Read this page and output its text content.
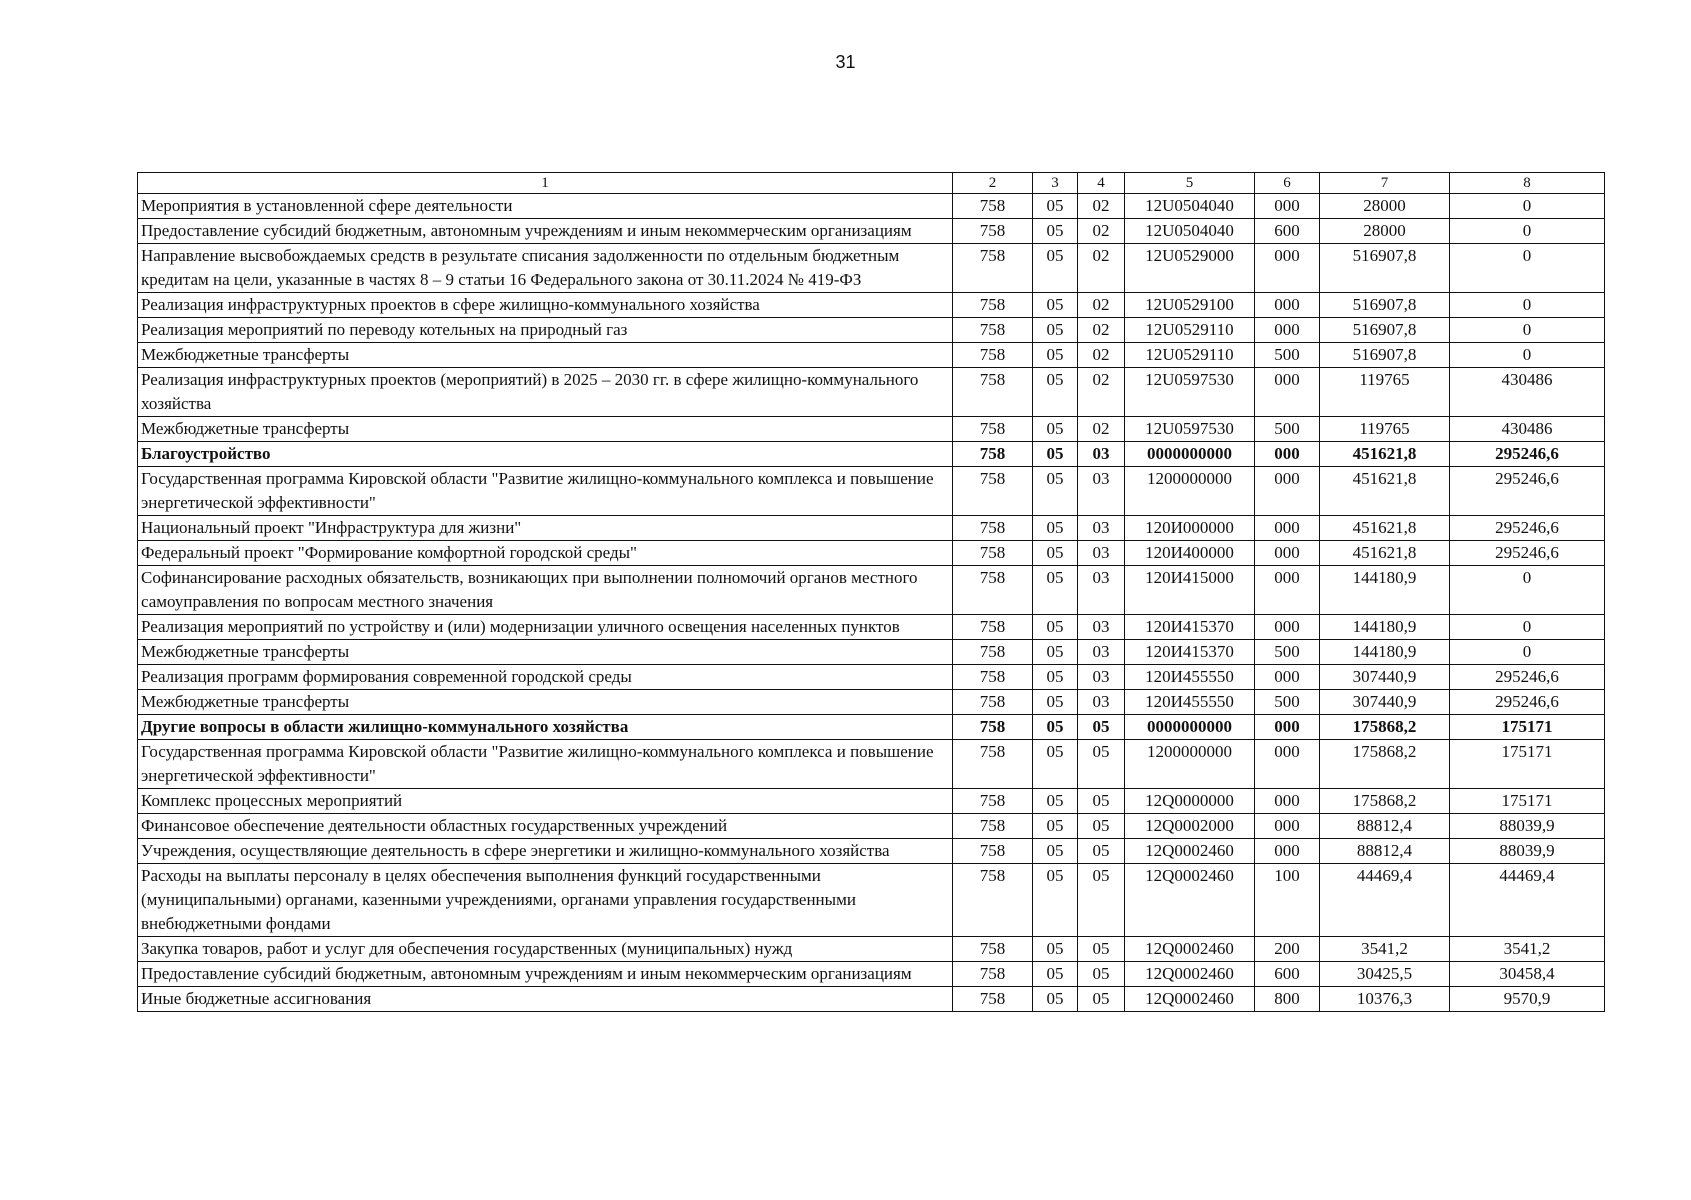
31
1	2	3	4	5	6	7	8
Мероприятия в установленной сфере деятельности	758	05	02	12U0504040	000	28000	0
Предоставление субсидий бюджетным, автономным учреждениям и иным некоммерческим организациям	758	05	02	12U0504040	600	28000	0
Направление высвобождаемых средств в результате списания задолженности по отдельным бюджетным кредитам на цели, указанные в частях 8 – 9 статьи 16 Федерального закона от 30.11.2024 № 419-ФЗ	758	05	02	12U0529000	000	516907,8	0
Реализация инфраструктурных проектов в сфере жилищно-коммунального хозяйства	758	05	02	12U0529100	000	516907,8	0
Реализация мероприятий по переводу котельных на природный газ	758	05	02	12U0529110	000	516907,8	0
Межбюджетные трансферты	758	05	02	12U0529110	500	516907,8	0
Реализация инфраструктурных проектов (мероприятий) в 2025 – 2030 гг. в сфере жилищно-коммунального хозяйства	758	05	02	12U0597530	000	119765	430486
Межбюджетные трансферты	758	05	02	12U0597530	500	119765	430486
Благоустройство	758	05	03	0000000000	000	451621,8	295246,6
Государственная программа Кировской области "Развитие жилищно-коммунального комплекса и повышение энергетической эффективности"	758	05	03	1200000000	000	451621,8	295246,6
Национальный проект "Инфраструктура для жизни"	758	05	03	120И000000	000	451621,8	295246,6
Федеральный проект "Формирование комфортной городской среды"	758	05	03	120И400000	000	451621,8	295246,6
Софинансирование расходных обязательств, возникающих при выполнении полномочий органов местного самоуправления по вопросам местного значения	758	05	03	120И415000	000	144180,9	0
Реализация мероприятий по устройству и (или) модернизации уличного освещения населенных пунктов	758	05	03	120И415370	000	144180,9	0
Межбюджетные трансферты	758	05	03	120И415370	500	144180,9	0
Реализация программ формирования современной городской среды	758	05	03	120И455550	000	307440,9	295246,6
Межбюджетные трансферты	758	05	03	120И455550	500	307440,9	295246,6
Другие вопросы в области жилищно-коммунального хозяйства	758	05	05	0000000000	000	175868,2	175171
Государственная программа Кировской области "Развитие жилищно-коммунального комплекса и повышение энергетической эффективности"	758	05	05	1200000000	000	175868,2	175171
Комплекс процессных мероприятий	758	05	05	12Q0000000	000	175868,2	175171
Финансовое обеспечение деятельности областных государственных учреждений	758	05	05	12Q0002000	000	88812,4	88039,9
Учреждения, осуществляющие деятельность в сфере энергетики и жилищно-коммунального хозяйства	758	05	05	12Q0002460	000	88812,4	88039,9
Расходы на выплаты персоналу в целях обеспечения выполнения функций государственными (муниципальными) органами, казенными учреждениями, органами управления государственными внебюджетными фондами	758	05	05	12Q0002460	100	44469,4	44469,4
Закупка товаров, работ и услуг для обеспечения государственных (муниципальных) нужд	758	05	05	12Q0002460	200	3541,2	3541,2
Предоставление субсидий бюджетным, автономным учреждениям и иным некоммерческим организациям	758	05	05	12Q0002460	600	30425,5	30458,4
Иные бюджетные ассигнования	758	05	05	12Q0002460	800	10376,3	9570,9
